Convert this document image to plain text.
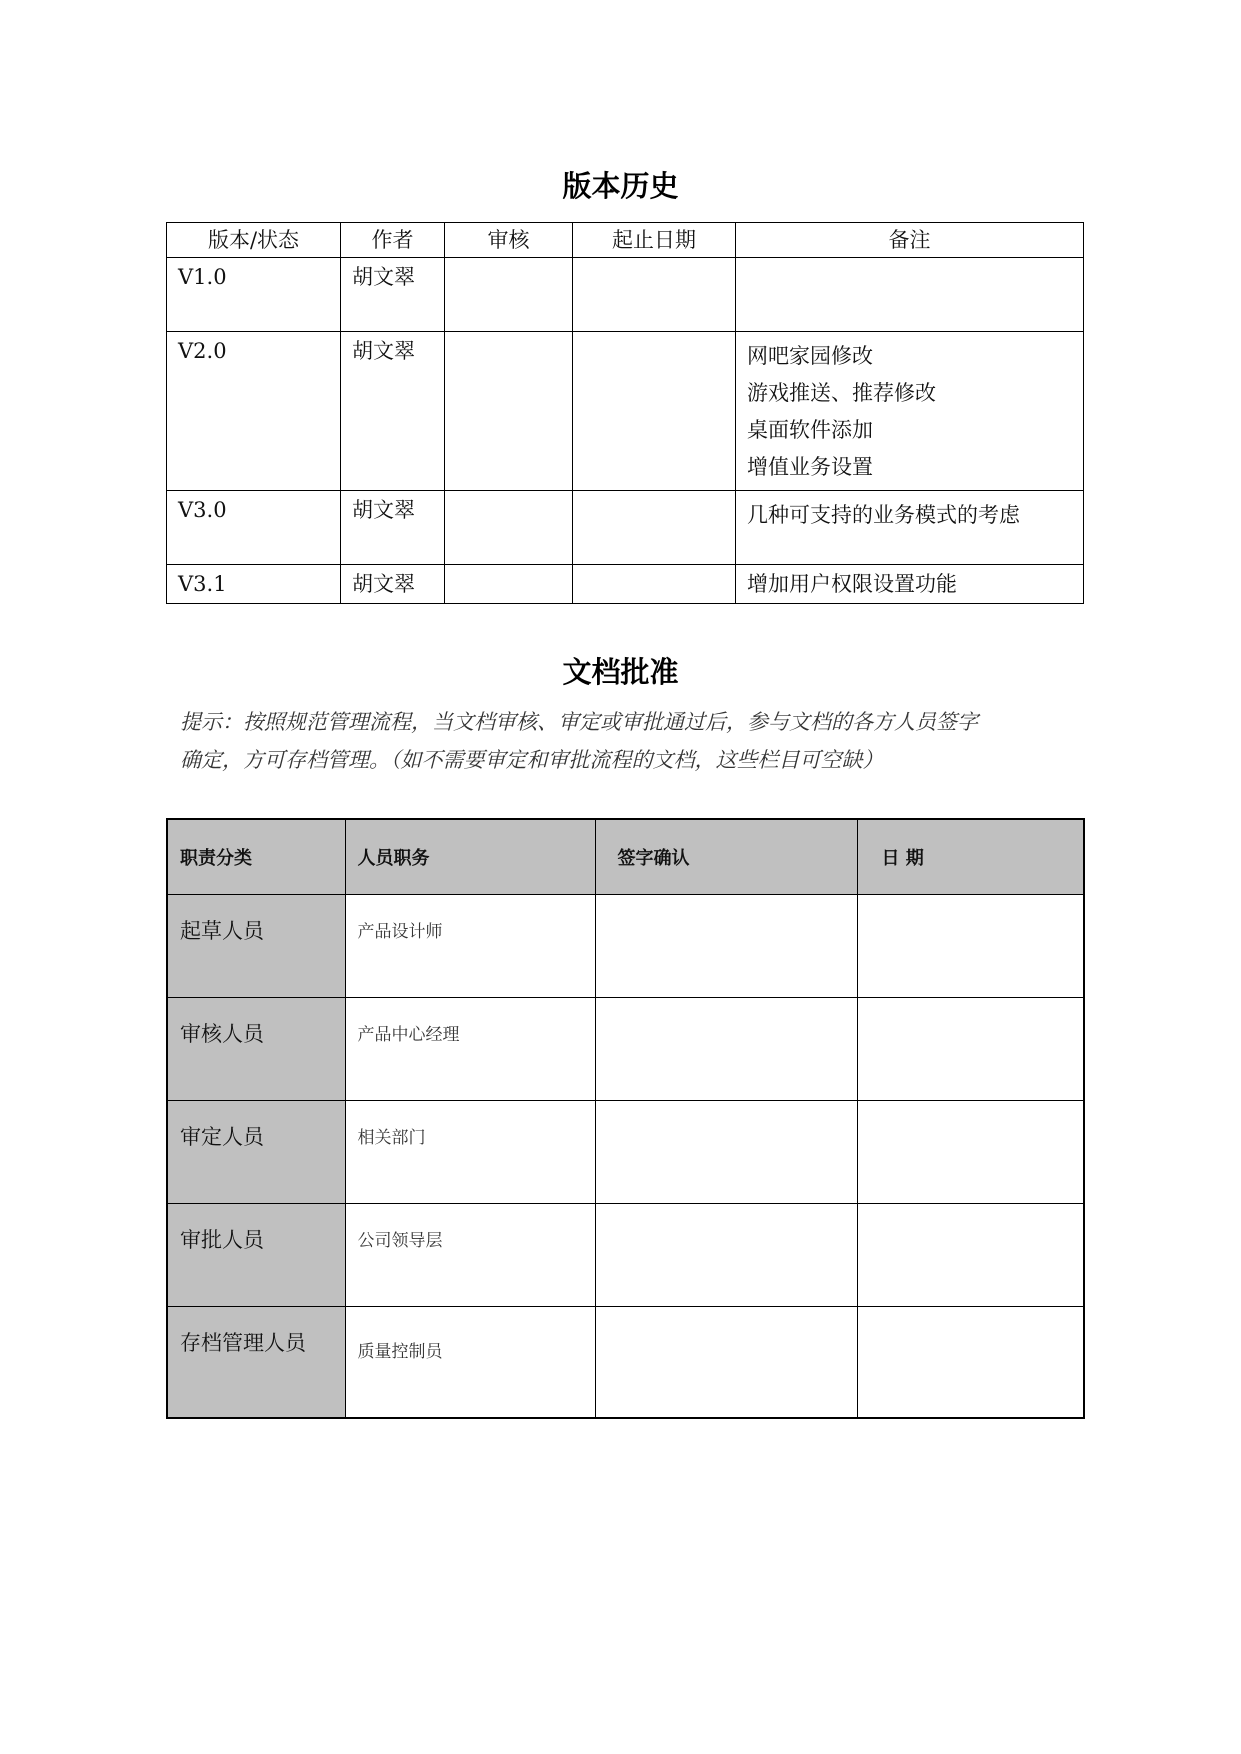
版本历史
版本/状态	作者	审核	起止日期	备注
V1.0	胡文翠			
V2.0	胡文翠			网吧家园修改
游戏推送、推荐修改
桌面软件添加
增值业务设置

V3.0	胡文翠			几种可支持的业务模式的考虑

V3.1	胡文翠			增加用户权限设置功能
文档批准
提示：按照规范管理流程，当文档审核、审定或审批通过后，参与文档的各方人员签字
确定，方可存档管理。（如不需要审定和审批流程的文档，这些栏目可空缺）
职责分类	人员职务	签字确认	日 期
起草人员	产品设计师		
审核人员	产品中心经理		
审定人员	相关部门		
审批人员	公司领导层		
存档管理人员	质量控制员		
